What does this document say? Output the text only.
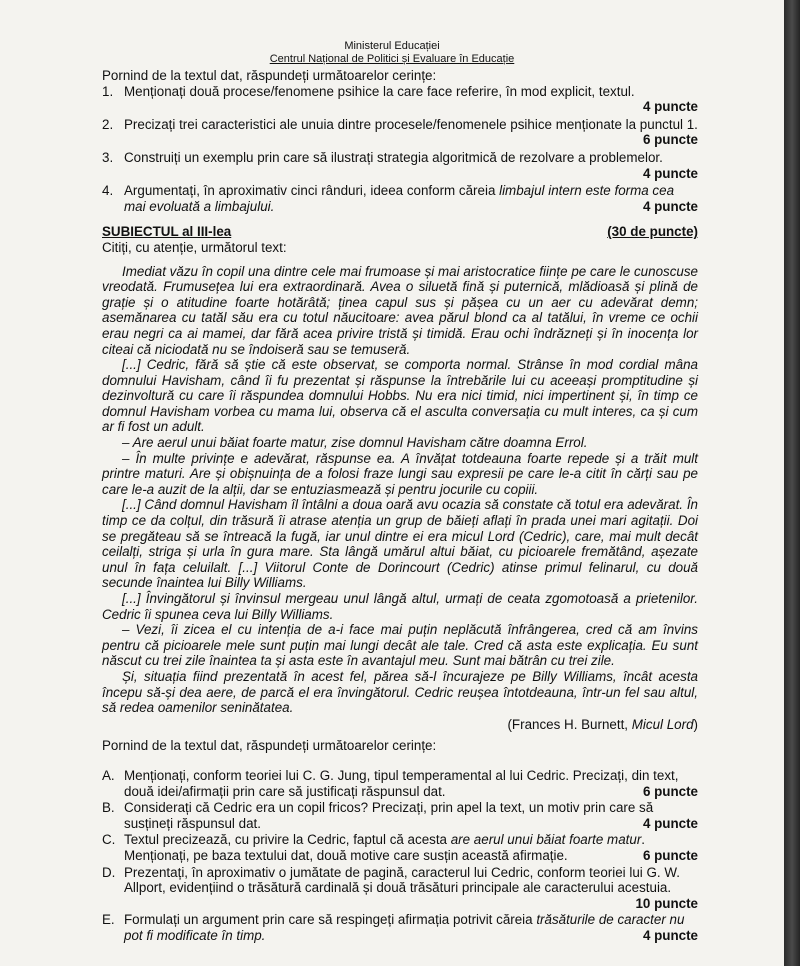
Ministerul Educației
Centrul Național de Politici și Evaluare în Educație
Pornind de la textul dat, răspundeți următoarelor cerințe:
1. Menționați două procese/fenomene psihice la care face referire, în mod explicit, textul.
4 puncte
2. Precizați trei caracteristici ale unuia dintre procesele/fenomenele psihice menționate la punctul 1.
6 puncte
3. Construiți un exemplu prin care să ilustrați strategia algoritmică de rezolvare a problemelor.
4 puncte
4. Argumentați, în aproximativ cinci rânduri, ideea conform căreia limbajul intern este forma cea mai evoluată a limbajului.	4 puncte
SUBIECTUL al III-lea	(30 de puncte)
Citiți, cu atenție, următorul text:

Imediat văzu în copil una dintre cele mai frumoase și mai aristocratice ființe pe care le cunoscuse vreodată. Frumusețea lui era extraordinară. Avea o siluetă fină și puternică, mlădioasă și plină de grație și o atitudine foarte hotărâtă; ținea capul sus și pășea cu un aer cu adevărat demn; asemănarea cu tatăl său era cu totul năucitoare: avea părul blond ca al tatălui, în vreme ce ochii erau negri ca ai mamei, dar fără acea privire tristă și timidă. Erau ochi îndrăzneți și în inocența lor citeai că niciodată nu se îndoiseră sau se temuseră.

[...] Cedric, fără să știe că este observat, se comporta normal. Strânse în mod cordial mâna domnului Havisham, când îi fu prezentat și răspunse la întrebările lui cu aceeași promptitudine și dezinvoltură cu care îi răspundea domnului Hobbs. Nu era nici timid, nici impertinent și, în timp ce domnul Havisham vorbea cu mama lui, observa că el asculta conversația cu mult interes, ca și cum ar fi fost un adult.

– Are aerul unui băiat foarte matur, zise domnul Havisham către doamna Errol.

– În multe privințe e adevărat, răspunse ea. A învățat totdeauna foarte repede și a trăit mult printre maturi. Are și obișnuința de a folosi fraze lungi sau expresii pe care le-a citit în cărți sau pe care le-a auzit de la alții, dar se entuziasmează și pentru jocurile cu copiii.

[...] Când domnul Havisham îl întâlni a doua oară avu ocazia să constate că totul era adevărat. În timp ce da colțul, din trăsură îi atrase atenția un grup de băieți aflați în prada unei mari agitații. Doi se pregăteau să se întreacă la fugă, iar unul dintre ei era micul Lord (Cedric), care, mai mult decât ceilalți, striga și urla în gura mare. Sta lângă umărul altui băiat, cu picioarele fremătând, așezate unul în fața celuilalt. [...] Viitorul Conte de Dorincourt (Cedric) atinse primul felinarul, cu două secunde înaintea lui Billy Williams.

[...] Învingătorul și învinsul mergeau unul lângă altul, urmați de ceata zgomotoasă a prietenilor. Cedric îi spunea ceva lui Billy Williams.

– Vezi, îi zicea el cu intenția de a-i face mai puțin neplăcută înfrângerea, cred că am învins pentru că picioarele mele sunt puțin mai lungi decât ale tale. Cred că asta este explicația. Eu sunt născut cu trei zile înaintea ta și asta este în avantajul meu. Sunt mai bătrân cu trei zile.

Și, situația fiind prezentată în acest fel, părea să-l încurajeze pe Billy Williams, încât acesta începu să-și dea aere, de parcă el era învingătorul. Cedric reușea întotdeauna, într-un fel sau altul, să redea oamenilor seninătatea.

(Frances H. Burnett, Micul Lord)
Pornind de la textul dat, răspundeți următoarelor cerințe:
A. Menționați, conform teoriei lui C. G. Jung, tipul temperamental al lui Cedric. Precizați, din text, două idei/afirmații prin care să justificați răspunsul dat.	6 puncte
B. Considerați că Cedric era un copil fricos? Precizați, prin apel la text, un motiv prin care să susțineți răspunsul dat.	4 puncte
C. Textul precizează, cu privire la Cedric, faptul că acesta are aerul unui băiat foarte matur. Menționați, pe baza textului dat, două motive care susțin această afirmație.	6 puncte
D. Prezentați, în aproximativ o jumătate de pagină, caracterul lui Cedric, conform teoriei lui G. W. Allport, evidențiind o trăsătură cardinală și două trăsături principale ale caracterului acestuia.
10 puncte
E. Formulați un argument prin care să respingeți afirmația potrivit căreia trăsăturile de caracter nu pot fi modificate în timp.	4 puncte
